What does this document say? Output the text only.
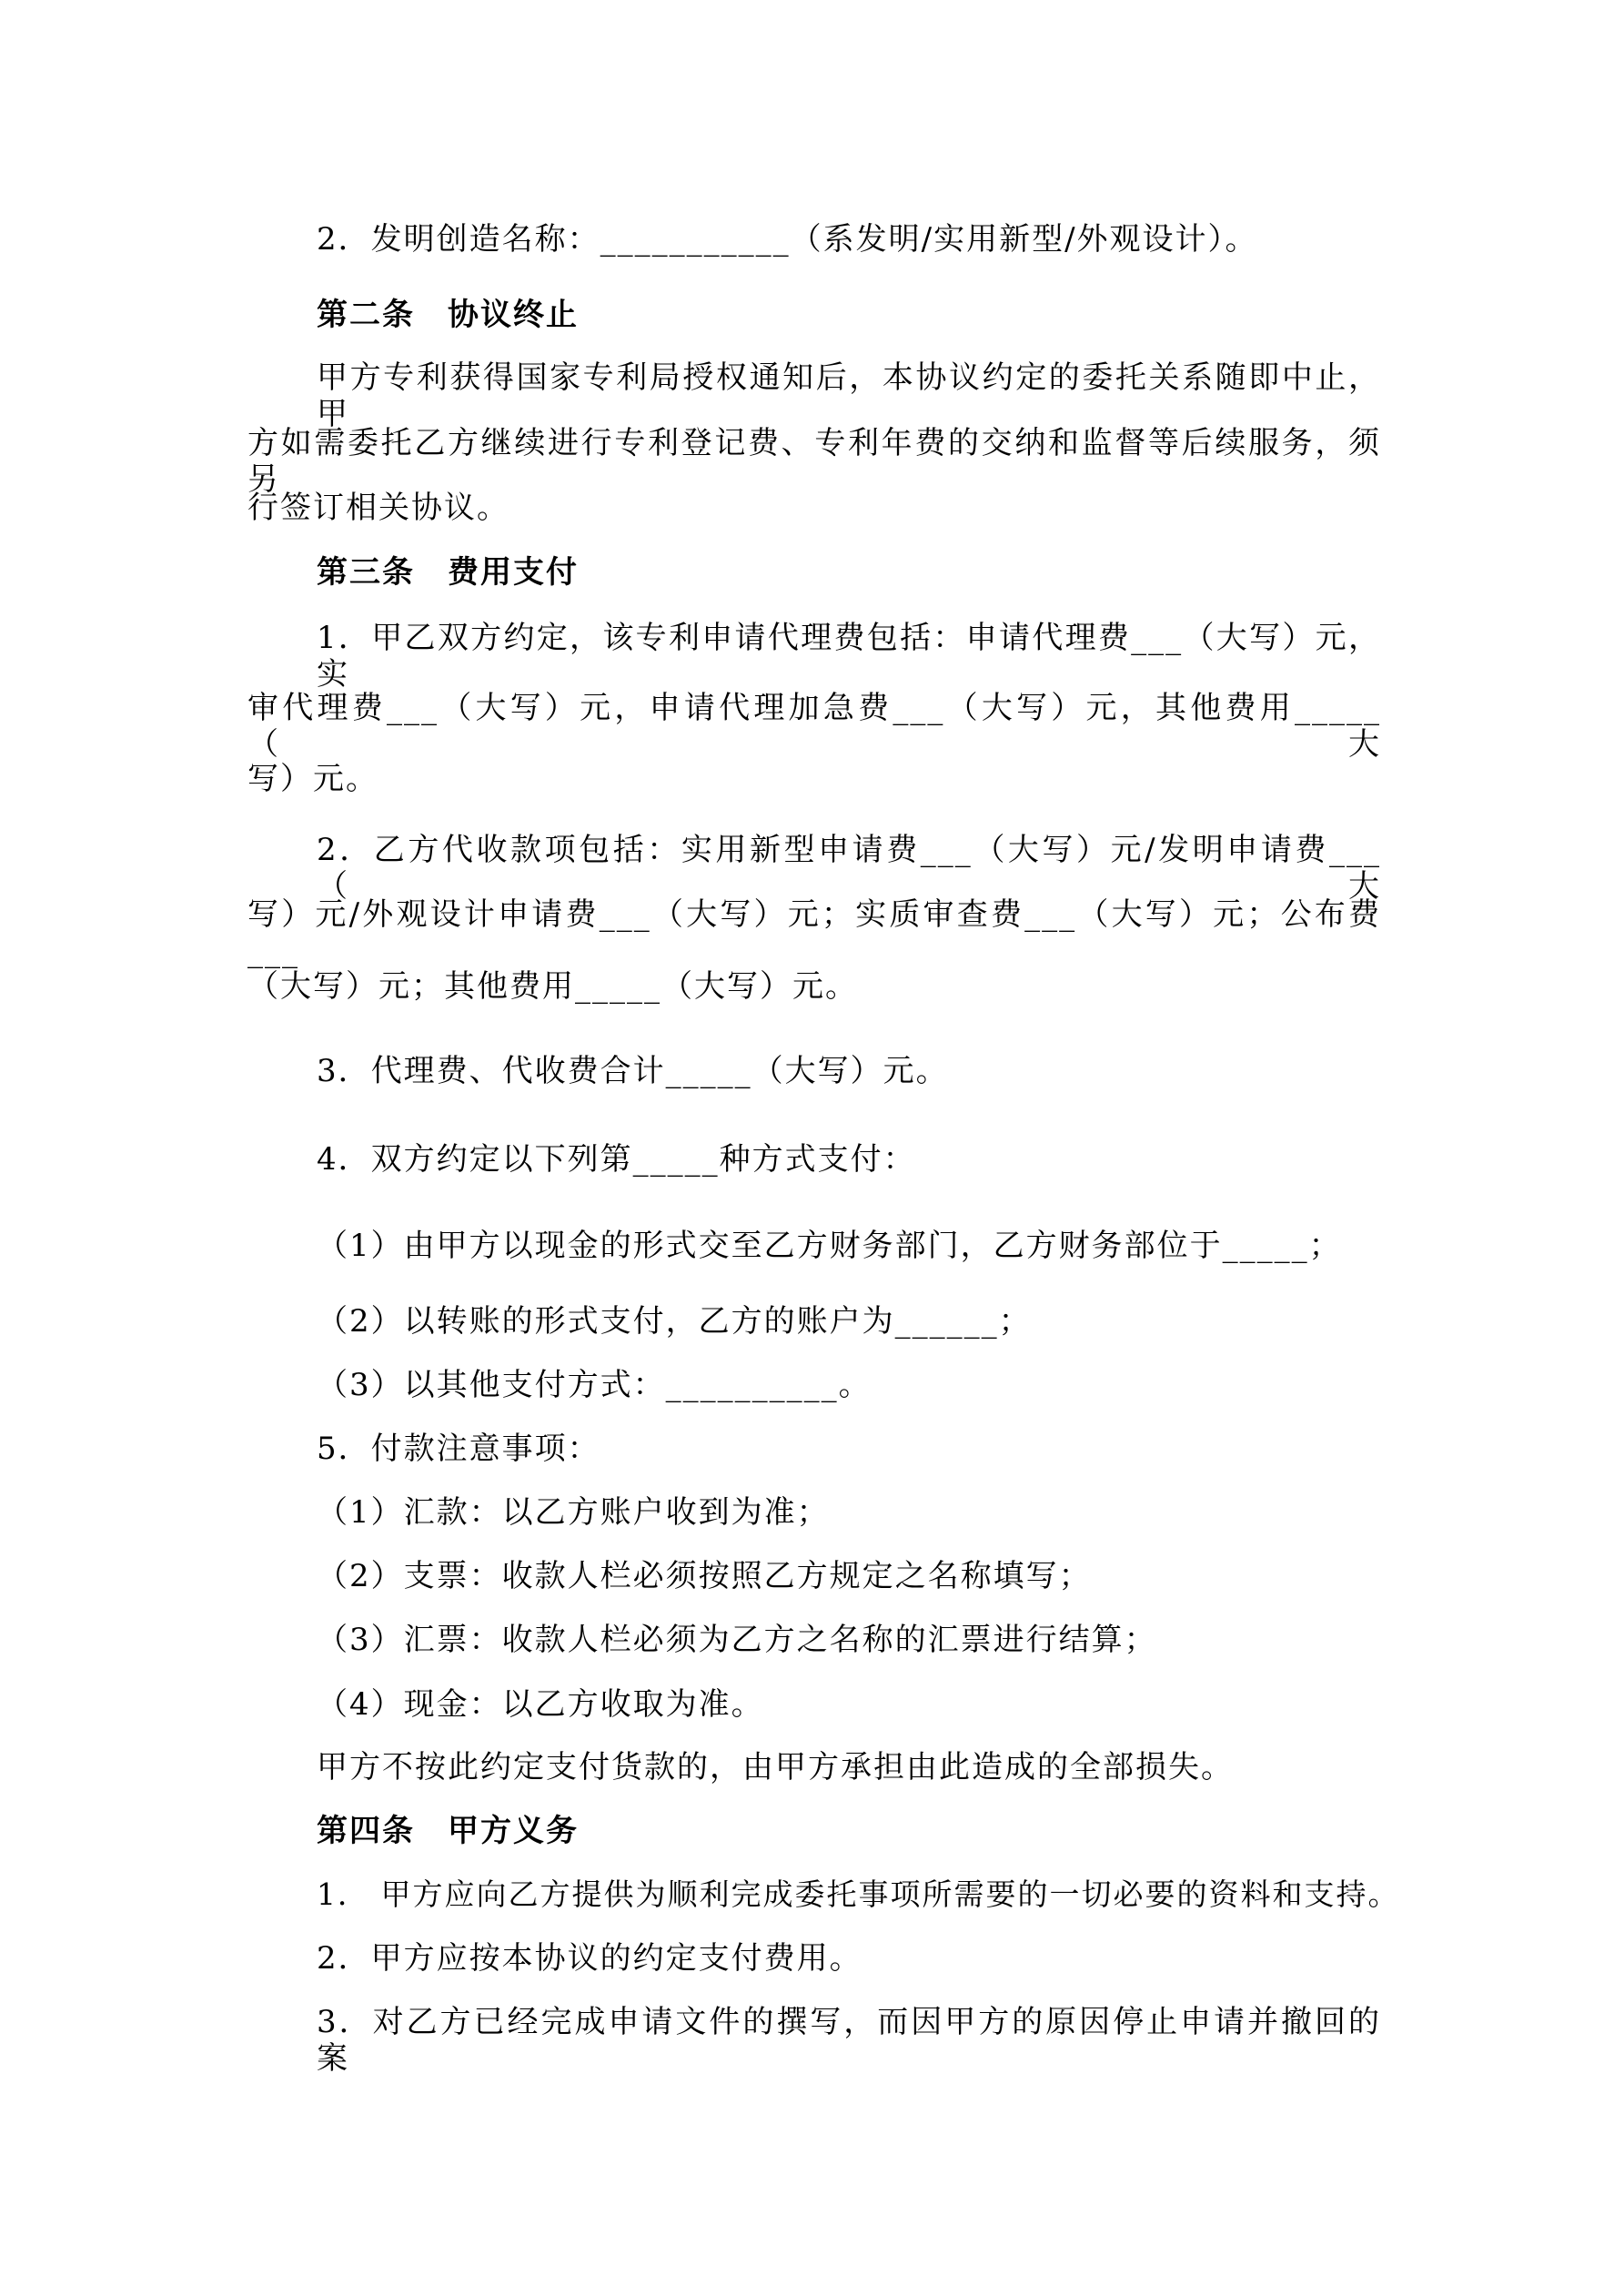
2．发明创造名称：___________（系发明/实用新型/外观设计）。

第二条　协议终止

甲方专利获得国家专利局授权通知后，本协议约定的委托关系随即中止，甲

方如需委托乙方继续进行专利登记费、专利年费的交纳和监督等后续服务，须另

行签订相关协议。

第三条　费用支付

1．甲乙双方约定，该专利申请代理费包括：申请代理费___（大写）元，实

审代理费___（大写）元，申请代理加急费___（大写）元，其他费用_____（大

写）元。

2．乙方代收款项包括：实用新型申请费___（大写）元/发明申请费___（大

写）元/外观设计申请费___（大写）元；实质审查费___（大写）元；公布费___

（大写）元；其他费用_____（大写）元。

3．代理费、代收费合计_____（大写）元。

4．双方约定以下列第_____种方式支付：

（1）由甲方以现金的形式交至乙方财务部门，乙方财务部位于_____；

（2）以转账的形式支付，乙方的账户为______；

（3）以其他支付方式：__________。

5．付款注意事项：

（1）汇款：以乙方账户收到为准；

（2）支票：收款人栏必须按照乙方规定之名称填写；

（3）汇票：收款人栏必须为乙方之名称的汇票进行结算；

（4）现金：以乙方收取为准。

甲方不按此约定支付货款的，由甲方承担由此造成的全部损失。

第四条　甲方义务

1． 甲方应向乙方提供为顺利完成委托事项所需要的一切必要的资料和支持。

2．甲方应按本协议的约定支付费用。

3．对乙方已经完成申请文件的撰写，而因甲方的原因停止申请并撤回的案
